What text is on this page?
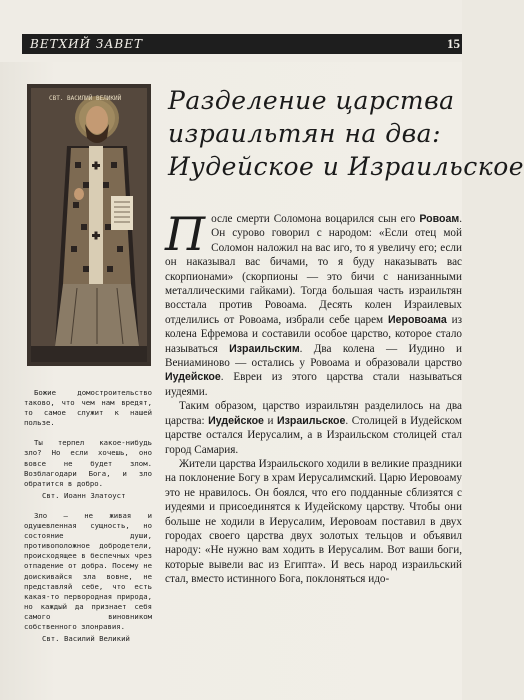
ВЕТХИЙ ЗАВЕТ	15
СВТ. ВАСИЛИЙ ВЕЛИКИЙ

Божие домостроительство таково, что чем нам вредят, то самое служит к нашей пользе.

Ты терпел какое-нибудь зло? Но если хочешь, оно вовсе не будет злом. Возблагодари Бога, и зло обратится в добро.

Свт. Иоанн Златоуст

Зло — не живая и одушевленная сущность, но состояние души, противоположное добродетели, происходящее в беспечных чрез отпадение от добра. Посему не доискивайся зла вовне, не представляй себе, что есть какая-то первородная природа, но каждый да признает себя самого виновником собственного злонравия.

Свт. Василий Великий

Разделение царства
израильтян на два:
Иудейское и Израильское

После смерти Соломона воцарился сын его Ровоам. Он сурово говорил с народом: «Если отец мой Соломон наложил на вас иго, то я увеличу его; если он наказывал вас бичами, то я буду наказывать вас скорпионами» (скорпионы — это бичи с нанизанными металлическими гайками). Тогда большая часть израильтян восстала против Ровоама. Десять колен Израилевых отделились от Ровоама, избрали себе царем Иеровоама из колена Ефремова и составили особое царство, которое стало называться Израильским. Два колена — Иудино и Вениаминово — остались у Ровоама и образовали царство Иудейское. Евреи из этого царства стали называться иудеями.

Таким образом, царство израильтян разделилось на два царства: Иудейское и Израильское. Столицей в Иудейском царстве остался Иерусалим, а в Израильском столицей стал город Самария.

Жители царства Израильского ходили в великие праздники на поклонение Богу в храм Иерусалимский. Царю Иеровоаму это не нравилось. Он боялся, что его подданные сблизятся с иудеями и присоединятся к Иудейскому царству. Чтобы они больше не ходили в Иерусалим, Иеровоам поставил в двух городах своего царства двух золотых тельцов и объявил народу: «Не нужно вам ходить в Иерусалим. Вот ваши боги, которые вывели вас из Египта». И весь народ израильский стал, вместо истинного Бога, поклоняться идо-
